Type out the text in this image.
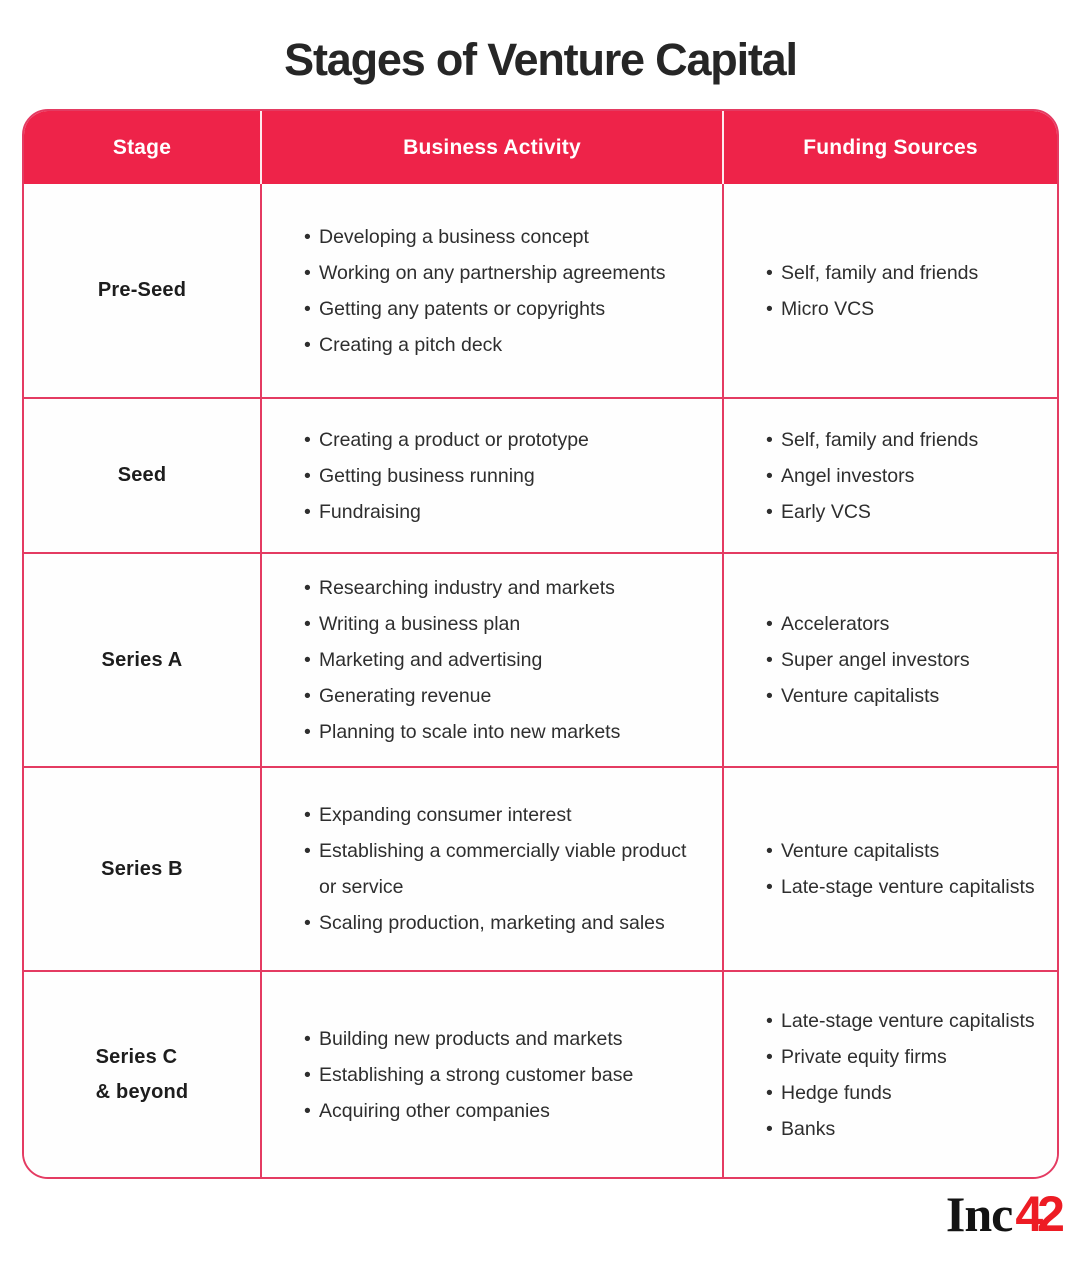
Stages of Venture Capital
Stage	Business Activity	Funding Sources
Pre-Seed
• Developing a business concept
• Working on any partnership agreements
• Getting any patents or copyrights
• Creating a pitch deck
• Self, family and friends
• Micro VCS
Seed
• Creating a product or prototype
• Getting business running
• Fundraising
• Self, family and friends
• Angel investors
• Early VCS
Series A
• Researching industry and markets
• Writing a business plan
• Marketing and advertising
• Generating revenue
• Planning to scale into new markets
• Accelerators
• Super angel investors
• Venture capitalists
Series B
• Expanding consumer interest
• Establishing a commercially viable product or service
• Scaling production, marketing and sales
• Venture capitalists
• Late-stage venture capitalists
Series C
& beyond
• Building new products and markets
• Establishing a strong customer base
• Acquiring other companies
• Late-stage venture capitalists
• Private equity firms
• Hedge funds
• Banks
Inc42
